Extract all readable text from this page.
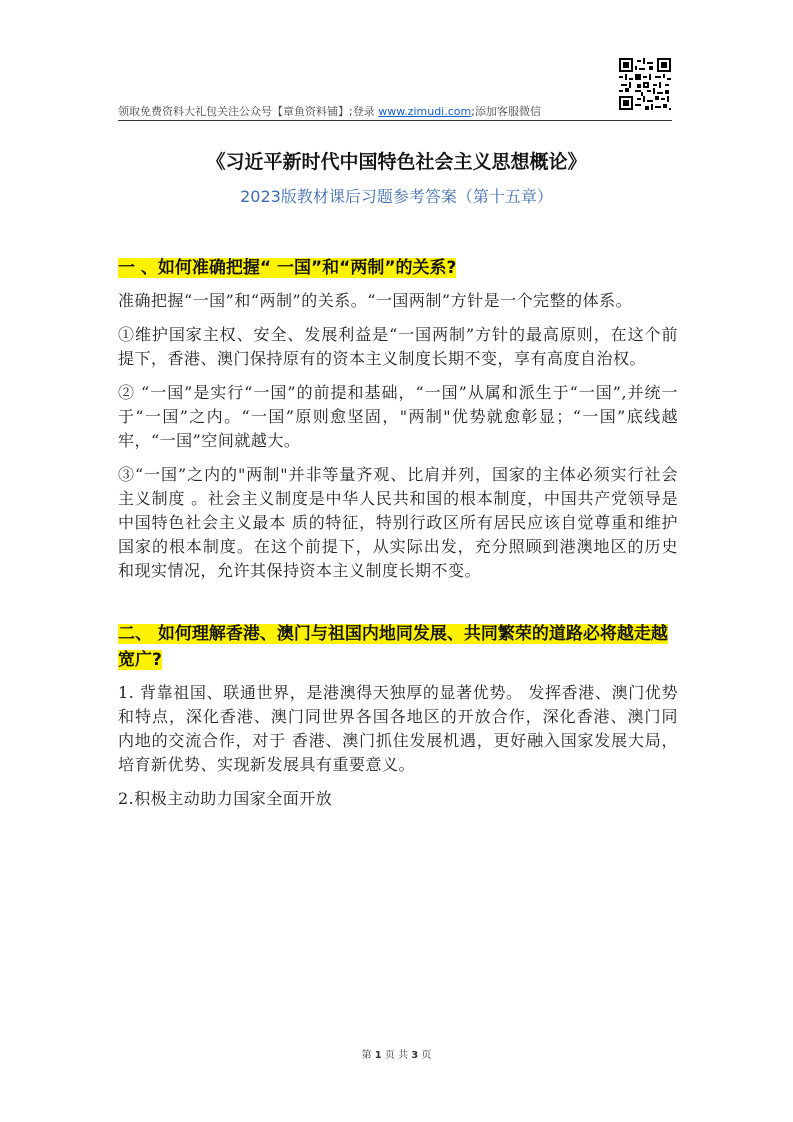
领取免费资料大礼包关注公众号【章鱼资料铺】;登录 www.zimudi.com;添加客服微信
《习近平新时代中国特色社会主义思想概论》
2023版教材课后习题参考答案（第十五章）
一 、如何准确把握“ 一国”和“两制”的关系?

准确把握“一国”和“两制”的关系。“一国两制”方针是一个完整的体系。

①维护国家主权、安全、发展利益是“一国两制”方针的最高原则，在这个前提下，香港、澳门保持原有的资本主义制度长期不变，享有高度自治权。

② “一国”是实行“一国”的前提和基础，“一国”从属和派生于“一国”,并统一于“一国”之内。“一国”原则愈坚固，"两制"优势就愈彰显；“一国”底线越牢，“一国”空间就越大。

③“一国”之内的"两制"并非等量齐观、比肩并列，国家的主体必须实行社会主义制度 。社会主义制度是中华人民共和国的根本制度，中国共产党领导是中国特色社会主义最本 质的特征，特别行政区所有居民应该自觉尊重和维护国家的根本制度。在这个前提下，从实际出发，充分照顾到港澳地区的历史和现实情况，允许其保持资本主义制度长期不变。

二、 如何理解香港、澳门与祖国内地同发展、共同繁荣的道路必将越走越宽广?

1. 背靠祖国、联通世界，是港澳得天独厚的显著优势。 发挥香港、澳门优势和特点，深化香港、澳门同世界各国各地区的开放合作，深化香港、澳门同内地的交流合作，对于 香港、澳门抓住发展机遇，更好融入国家发展大局，培育新优势、实现新发展具有重要意义。

2.积极主动助力国家全面开放

第 1 页 共 3 页
